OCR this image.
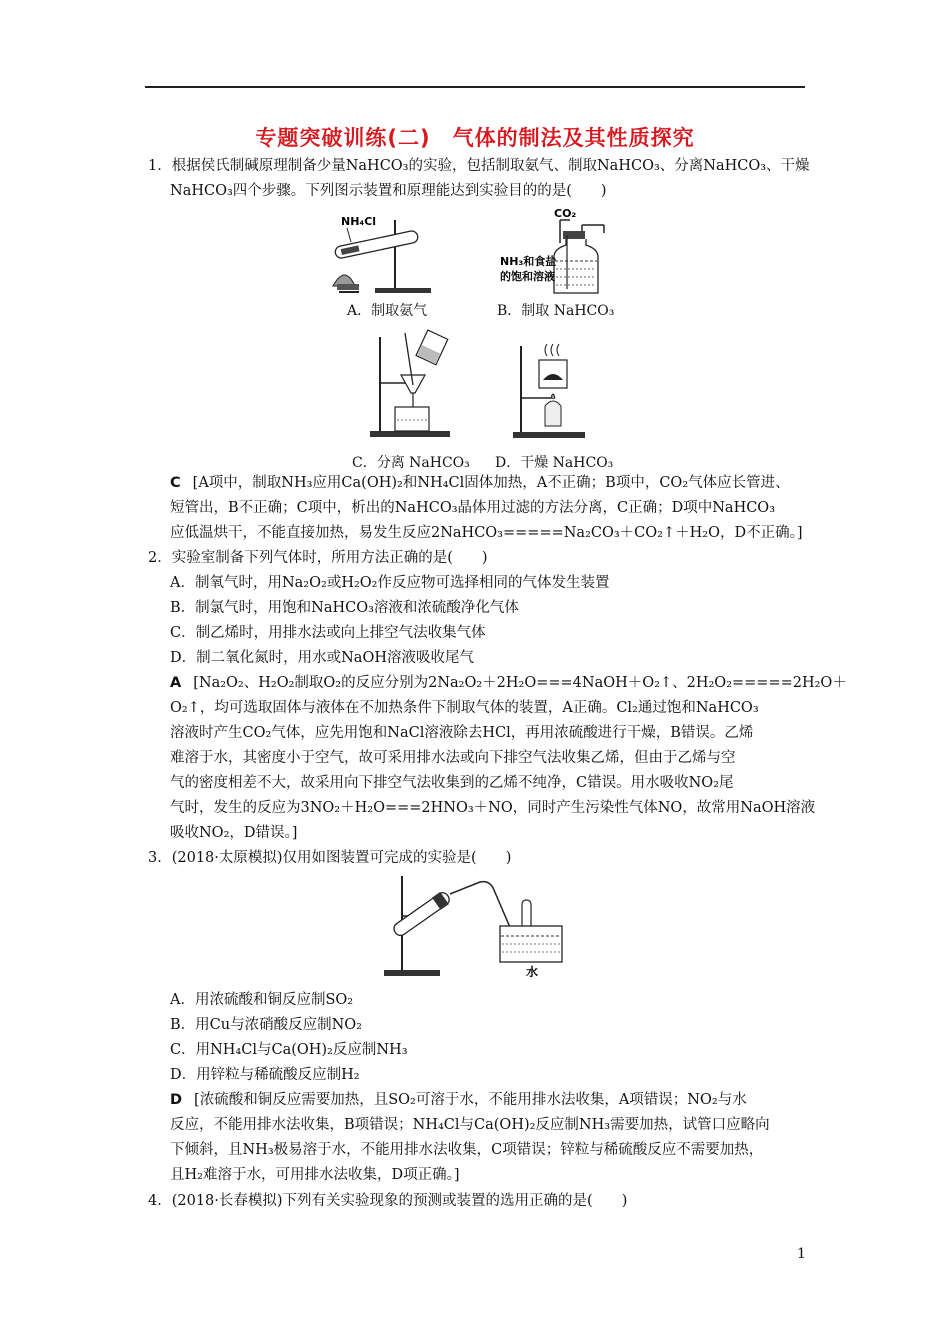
专题突破训练(二)　气体的制法及其性质探究
1．根据侯氏制碱原理制备少量NaHCO₃的实验，包括制取氨气、制取NaHCO₃、分离NaHCO₃、干燥
NaHCO₃四个步骤。下列图示装置和原理能达到实验目的的是(　　)
NH₄Cl
CO₂
NH₃和食盐
的饱和溶液
A．制取氨气	B．制取 NaHCO₃
C．分离 NaHCO₃ D．干燥 NaHCO₃
C [A项中，制取NH₃应用Ca(OH)₂和NH₄Cl固体加热，A不正确；B项中，CO₂气体应长管进、
短管出，B不正确；C项中，析出的NaHCO₃晶体用过滤的方法分离，C正确；D项中NaHCO₃
应低温烘干，不能直接加热，易发生反应2NaHCO₃=====Na₂CO₃＋CO₂↑＋H₂O，D不正确。]
2．实验室制备下列气体时，所用方法正确的是(　　)
A．制氧气时，用Na₂O₂或H₂O₂作反应物可选择相同的气体发生装置
B．制氯气时，用饱和NaHCO₃溶液和浓硫酸净化气体
C．制乙烯时，用排水法或向上排空气法收集气体
D．制二氧化氮时，用水或NaOH溶液吸收尾气
A [Na₂O₂、H₂O₂制取O₂的反应分别为2Na₂O₂＋2H₂O===4NaOH＋O₂↑、2H₂O₂=====2H₂O＋
O₂↑，均可选取固体与液体在不加热条件下制取气体的装置，A正确。Cl₂通过饱和NaHCO₃
溶液时产生CO₂气体，应先用饱和NaCl溶液除去HCl，再用浓硫酸进行干燥，B错误。乙烯
难溶于水，其密度小于空气，故可采用排水法或向下排空气法收集乙烯，但由于乙烯与空
气的密度相差不大，故采用向下排空气法收集到的乙烯不纯净，C错误。用水吸收NO₂尾
气时，发生的反应为3NO₂＋H₂O===2HNO₃＋NO，同时产生污染性气体NO，故常用NaOH溶液
吸收NO₂，D错误。]
3．(2018·太原模拟)仅用如图装置可完成的实验是(　　)
水
A．用浓硫酸和铜反应制SO₂
B．用Cu与浓硝酸反应制NO₂
C．用NH₄Cl与Ca(OH)₂反应制NH₃
D．用锌粒与稀硫酸反应制H₂
D [浓硫酸和铜反应需要加热，且SO₂可溶于水，不能用排水法收集，A项错误；NO₂与水
反应，不能用排水法收集，B项错误；NH₄Cl与Ca(OH)₂反应制NH₃需要加热，试管口应略向
下倾斜，且NH₃极易溶于水，不能用排水法收集，C项错误；锌粒与稀硫酸反应不需要加热，
且H₂难溶于水，可用排水法收集，D项正确。]
4．(2018·长春模拟)下列有关实验现象的预测或装置的选用正确的是(　　)
1
